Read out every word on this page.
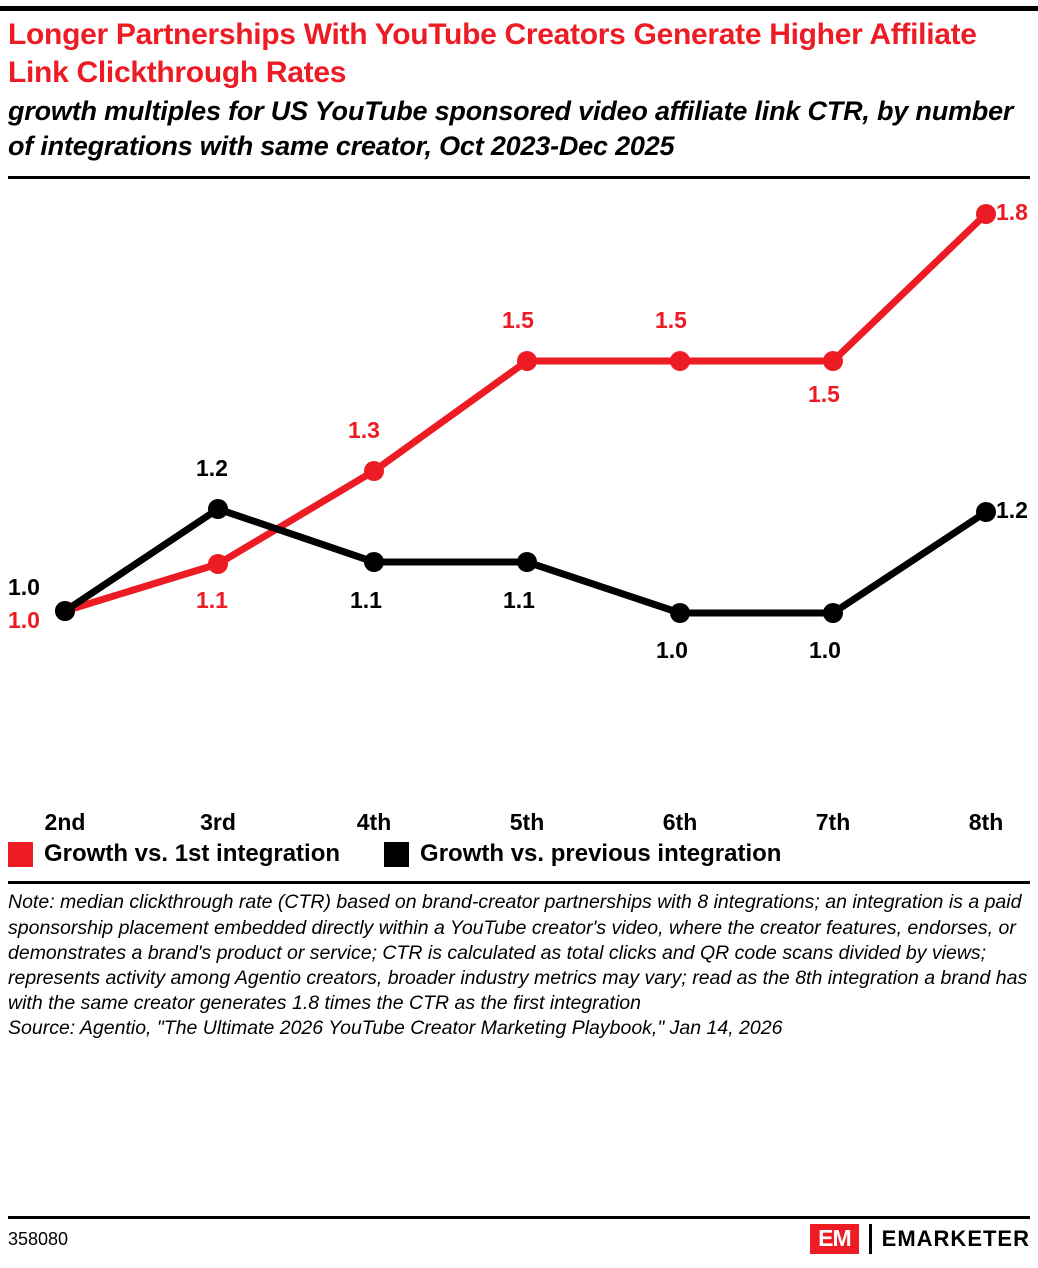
Longer Partnerships With YouTube Creators Generate Higher Affiliate Link Clickthrough Rates
growth multiples for US YouTube sponsored video affiliate link CTR, by number of integrations with same creator, Oct 2023-Dec 2025
1.0
1.1
1.3
1.5	1.5
1.5
1.8
1.0
1.2
1.1	1.1
1.0	1.0
1.2
2nd	3rd	4th	5th	6th	7th	8th
Growth vs. 1st integration	Growth vs. previous integration

Note: median clickthrough rate (CTR) based on brand-creator partnerships with 8 integrations; an integration is a paid sponsorship placement embedded directly within a YouTube creator's video, where the creator features, endorses, or demonstrates a brand's product or service; CTR is calculated as total clicks and QR code scans divided by views; represents activity among Agentio creators, broader industry metrics may vary; read as the 8th integration a brand has with the same creator generates 1.8 times the CTR as the first integration

Source: Agentio, "The Ultimate 2026 YouTube Creator Marketing Playbook," Jan 14, 2026

358080	EM	EMARKETER
